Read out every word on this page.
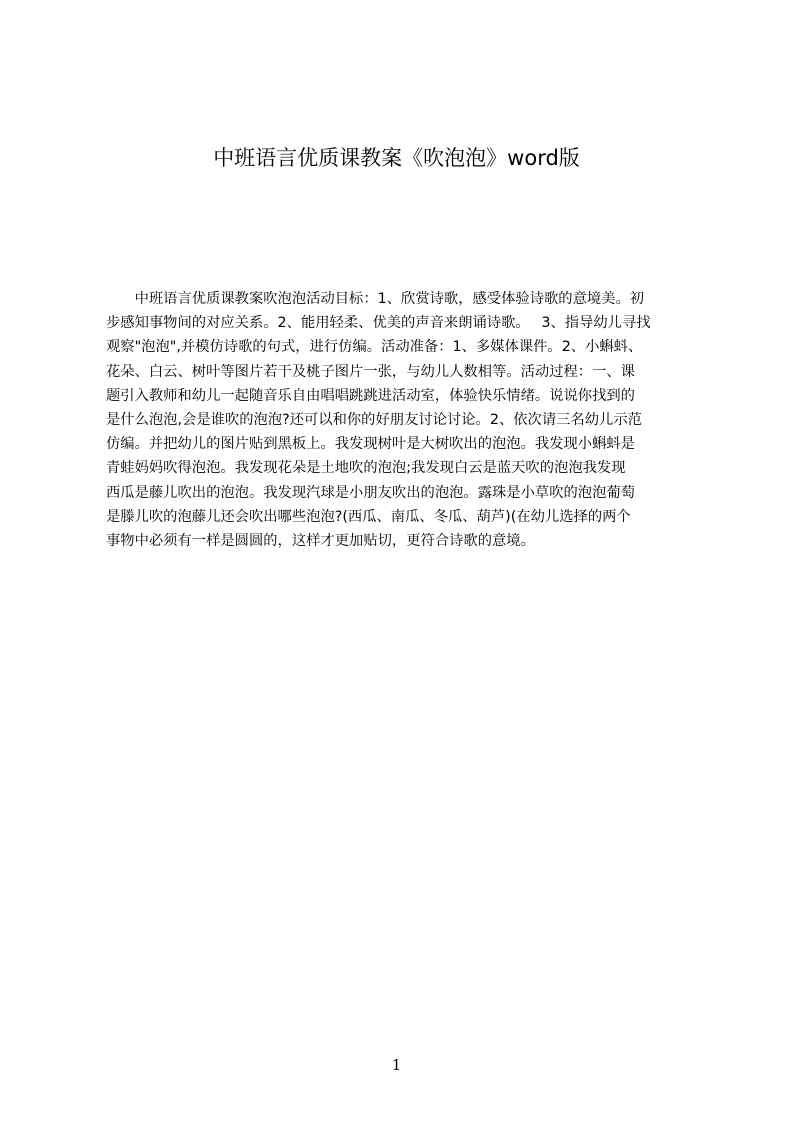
中班语言优质课教案《吹泡泡》word版
　　中班语言优质课教案吹泡泡活动目标：1、欣赏诗歌，感受体验诗歌的意境美。初
步感知事物间的对应关系。2、能用轻柔、优美的声音来朗诵诗歌。　 3、指导幼儿寻找
观察"泡泡",并模仿诗歌的句式，进行仿编。活动准备：1、多媒体课件。2、小蝌蚪、
花朵、白云、树叶等图片若干及桃子图片一张，与幼儿人数相等。活动过程：一、课
题引入教师和幼儿一起随音乐自由唱唱跳跳进活动室，体验快乐情绪。说说你找到的
是什么泡泡,会是谁吹的泡泡?还可以和你的好朋友讨论讨论。2、依次请三名幼儿示范
仿编。并把幼儿的图片贴到黑板上。我发现树叶是大树吹出的泡泡。我发现小蝌蚪是
青蛙妈妈吹得泡泡。我发现花朵是土地吹的泡泡;我发现白云是蓝天吹的泡泡我发现
西瓜是藤儿吹出的泡泡。我发现汽球是小朋友吹出的泡泡。露珠是小草吹的泡泡葡萄
是滕儿吹的泡藤儿还会吹出哪些泡泡?(西瓜、南瓜、冬瓜、葫芦)(在幼儿选择的两个
事物中必须有一样是圆圆的，这样才更加贴切，更符合诗歌的意境。
1
